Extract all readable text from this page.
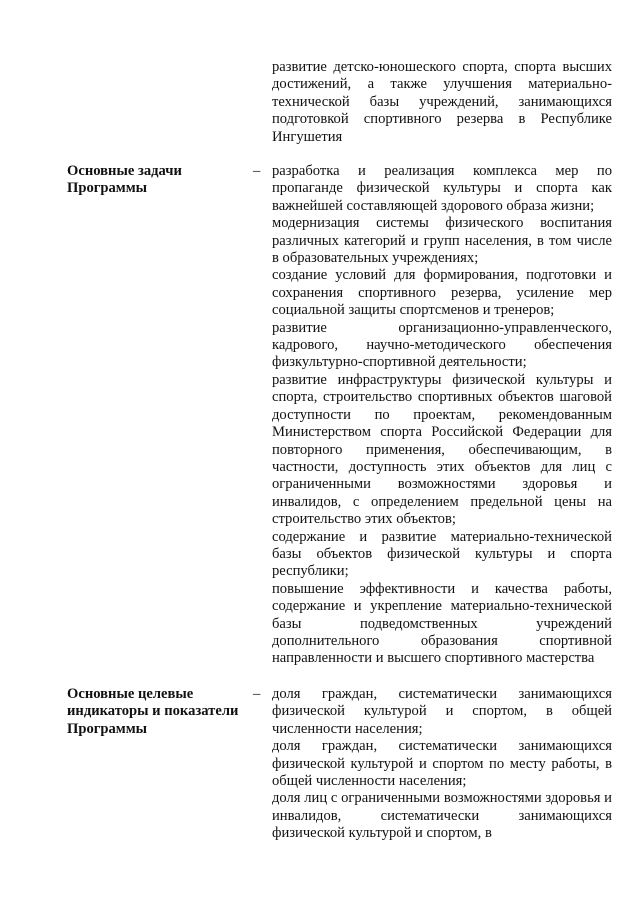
развитие детско-юношеского спорта, спорта высших достижений, а также улучшения материально-технической базы учреждений, занимающихся подготовкой спортивного резерва в Республике Ингушетия

Основные задачи Программы
– разработка и реализация комплекса мер по пропаганде физической культуры и спорта как важнейшей составляющей здорового образа жизни;

модернизация системы физического воспитания различных категорий и групп населения, в том числе в образовательных учреждениях;

создание условий для формирования, подготовки и сохранения спортивного резерва, усиление мер социальной защиты спортсменов и тренеров;

развитие организационно-управленческого, кадрового, научно-методического обеспечения физкультурно-спортивной деятельности;

развитие инфраструктуры физической культуры и спорта, строительство спортивных объектов шаговой доступности по проектам, рекомендованным Министерством спорта Российской Федерации для повторного применения, обеспечивающим, в частности, доступность этих объектов для лиц с ограниченными возможностями здоровья и инвалидов, с определением предельной цены на строительство этих объектов;

содержание и развитие материально-технической базы объектов физической культуры и спорта республики;

повышение эффективности и качества работы, содержание и укрепление материально-технической базы подведомственных учреждений дополнительного образования спортивной направленности и высшего спортивного мастерства

Основные целевые индикаторы и показатели Программы
– доля граждан, систематически занимающихся физической культурой и спортом, в общей численности населения;

доля граждан, систематически занимающихся физической культурой и спортом по месту работы, в общей численности населения;

доля лиц с ограниченными возможностями здоровья и инвалидов, систематически занимающихся физической культурой и спортом, в
